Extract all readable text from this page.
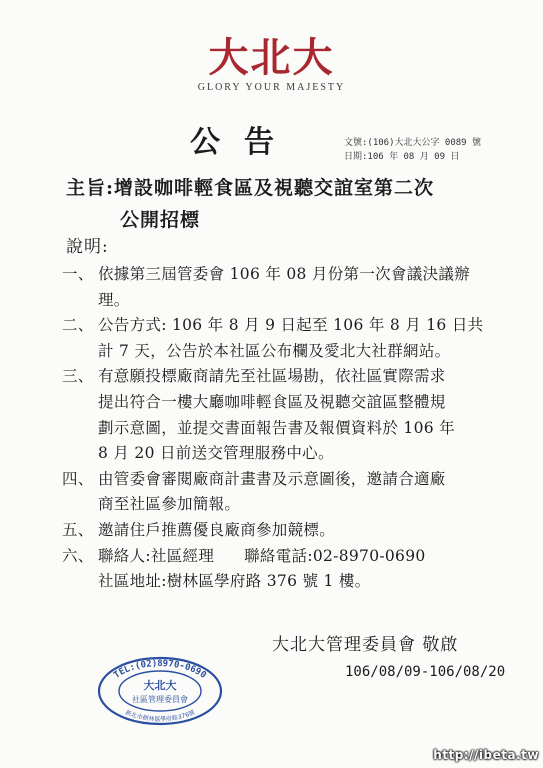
大北大
GLORY YOUR MAJESTY
公告	文號:(106)大北大公字 0089 號
日期:106 年 08 月 09 日
主旨:增設咖啡輕食區及視聽交誼室第二次
公開招標
說明:
一、 依據第三屆管委會 106 年 08 月份第一次會議決議辦
理。
二、 公告方式: 106 年 8 月 9 日起至 106 年 8 月 16 日共
計 7 天，公告於本社區公布欄及愛北大社群網站。
三、 有意願投標廠商請先至社區場勘，依社區實際需求
提出符合一樓大廳咖啡輕食區及視聽交誼區整體規
劃示意圖，並提交書面報告書及報價資料於 106 年
8 月 20 日前送交管理服務中心。
四、 由管委會審閱廠商計畫書及示意圖後，邀請合適廠
商至社區參加簡報。
五、 邀請住戶推薦優良廠商參加競標。
六、 聯絡人:社區經理 聯絡電話:02-8970-0690
社區地址:樹林區學府路 376 號 1 樓。
大北大管理委員會 敬啟
106/08/09-106/08/20
TEL:(02)8970-0690
新北市樹林區學府路376號
大北大
社區管理委員會
http://ibeta.tw
